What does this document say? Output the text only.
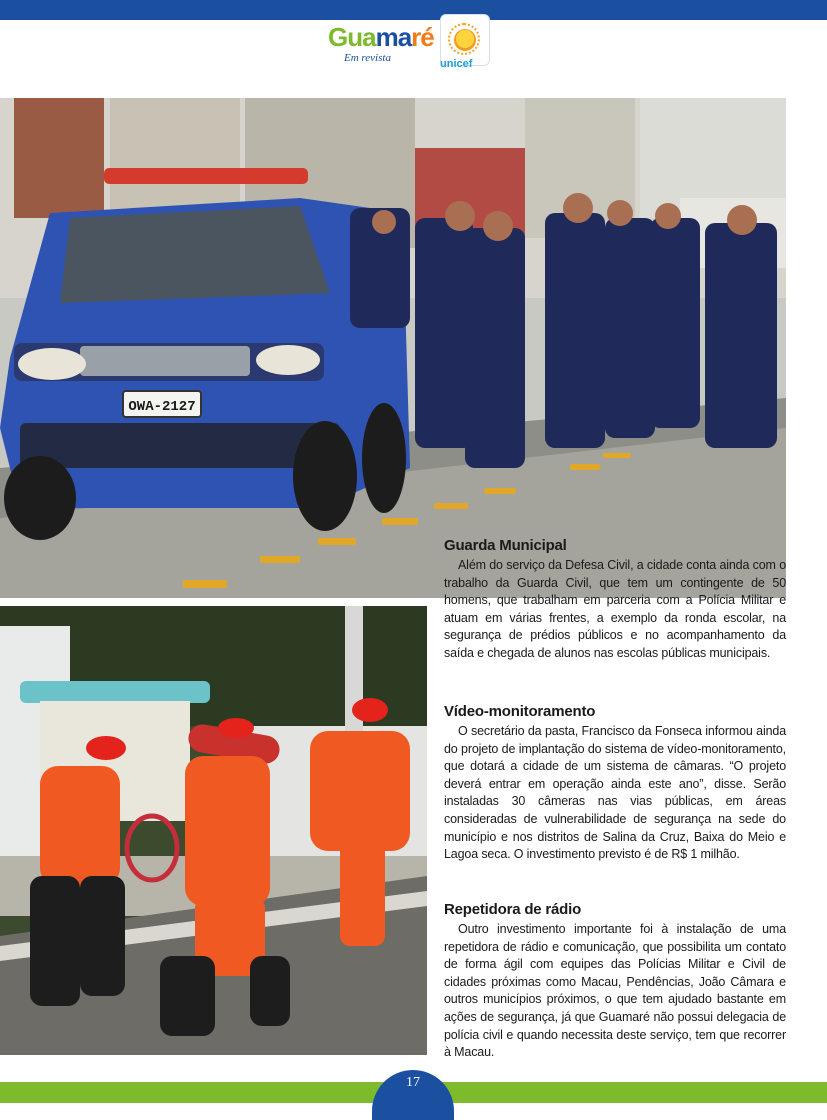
Guamaré
Em revista	unicef
OWA-2127
Guarda Municipal

Além do serviço da Defesa Civil, a cidade conta ainda com o trabalho da Guarda Civil, que tem um contingente de 50 homens, que trabalham em parceria com a Polícia Militar e atuam em várias frentes, a exemplo da ronda escolar, na segurança de prédios públicos e no acompanhamento da saída e chegada de alunos nas escolas públicas municipais.

Vídeo-monitoramento

O secretário da pasta, Francisco da Fonseca informou ainda do projeto de implantação do sistema de vídeo-monitoramento, que dotará a cidade de um sistema de câmaras. “O projeto deverá entrar em operação ainda este ano”, disse. Serão instaladas 30 câmeras nas vias públicas, em áreas consideradas de vulnerabilidade de segurança na sede do município e nos distritos de Salina da Cruz, Baixa do Meio e Lagoa seca. O investimento previsto é de R$ 1 milhão.

Repetidora de rádio

Outro investimento importante foi à instalação de uma repetidora de rádio e comunicação, que possibilita um contato de forma ágil com equipes das Polícias Militar e Civil de cidades próximas como Macau, Pendências, João Câmara e outros municípios próximos, o que tem ajudado bastante em ações de segurança, já que Guamaré não possui delegacia de polícia civil e quando necessita deste serviço, tem que recorrer à Macau.

17
